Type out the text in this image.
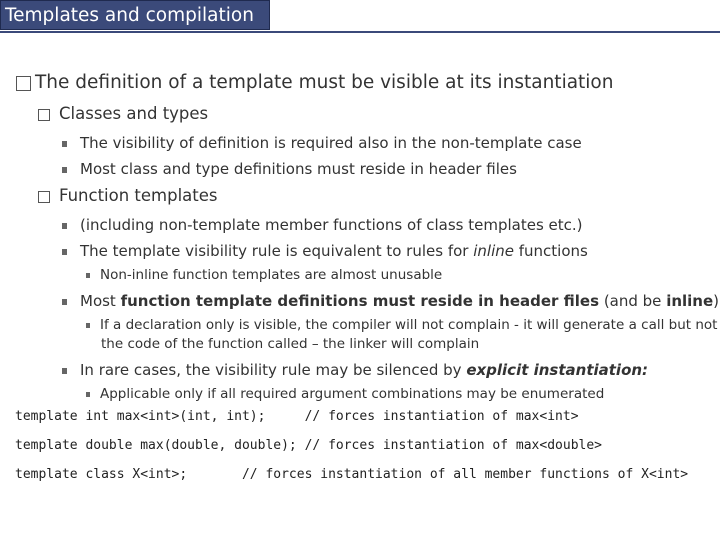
Templates and compilation
The definition of a template must be visible at its instantiation
Classes and types
The visibility of definition is required also in the non-template case
Most class and type definitions must reside in header files
Function templates
(including non-template member functions of class templates etc.)
The template visibility rule is equivalent to rules for inline functions
Non-inline function templates are almost unusable
Most function template definitions must reside in header files (and be inline)
If a declaration only is visible, the compiler will not complain - it will generate a call but not
the code of the function called – the linker will complain
In rare cases, the visibility rule may be silenced by explicit instantiation:
Applicable only if all required argument combinations may be enumerated
template int max<int>(int, int);     // forces instantiation of max<int>
template double max(double, double); // forces instantiation of max<double>
template class X<int>;       // forces instantiation of all member functions of X<int>
